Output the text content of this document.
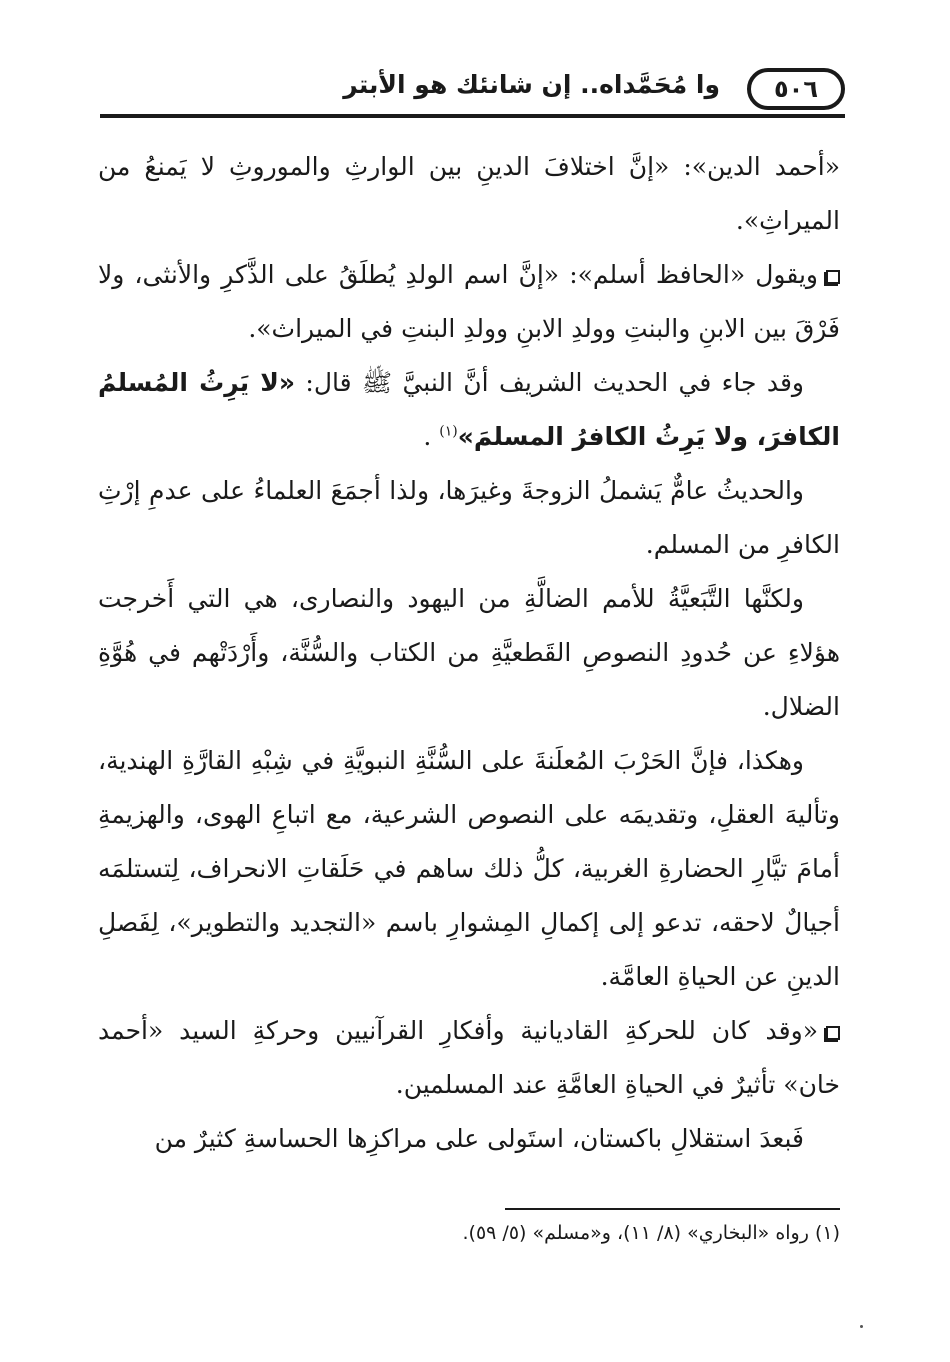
وا مُحَمَّداه.. إن شانئك هو الأبتر ٥٠٦

«أحمد الدين»: «إنَّ اختلافَ الدينِ بين الوارثِ والموروثِ لا يَمنعُ من الميراثِ».

ويقول «الحافظ أسلم»: «إنَّ اسم الولدِ يُطلَقُ على الذَّكرِ والأنثى، ولا فَرْقَ بين الابنِ والبنتِ وولدِ الابنِ وولدِ البنتِ في الميراث».

وقد جاء في الحديث الشريف أنَّ النبيَّ ﷺ قال: «لا يَرِثُ المُسلمُ الكافرَ، ولا يَرِثُ الكافرُ المسلمَ»$^{(١)}$ .

والحديثُ عامٌّ يَشملُ الزوجةَ وغيرَها، ولذا أجمَعَ العلماءُ على عدمِ إرْثِ الكافرِ من المسلم.

ولكنَّها التَّبَعيَّةُ للأمم الضالَّةِ من اليهود والنصارى، هي التي أَخرجت هؤلاءِ عن حُدودِ النصوصِ القَطعيَّةِ من الكتاب والسُّنَّة، وأَرْدَتْهم في هُوَّةِ الضلال.

وهكذا، فإنَّ الحَرْبَ المُعلَنةَ على السُّنَّةِ النبويَّةِ في شِبْهِ القارَّةِ الهندية، وتأليهَ العقلِ، وتقديمَه على النصوص الشرعية، مع اتباعِ الهوى، والهزيمةِ أمامَ تيَّارِ الحضارةِ الغربية، كلُّ ذلك ساهم في حَلَقاتِ الانحراف، لِتستلمَه أجيالٌ لاحقه، تدعو إلى إكمالِ المِشوارِ باسم «التجديد والتطوير»، لِفَصلِ الدينِ عن الحياةِ العامَّة.

«وقد كان للحركةِ القاديانية وأفكارِ القرآنيين وحركةِ السيد «أحمد خان» تأثيرٌ في الحياةِ العامَّةِ عند المسلمين.

فَبعدَ استقلالِ باكستان، استَولى على مراكزِها الحساسةِ كثيرٌ من

(١) رواه «البخاري» (٨/ ١١)، و«مسلم» (٥/ ٥٩).
